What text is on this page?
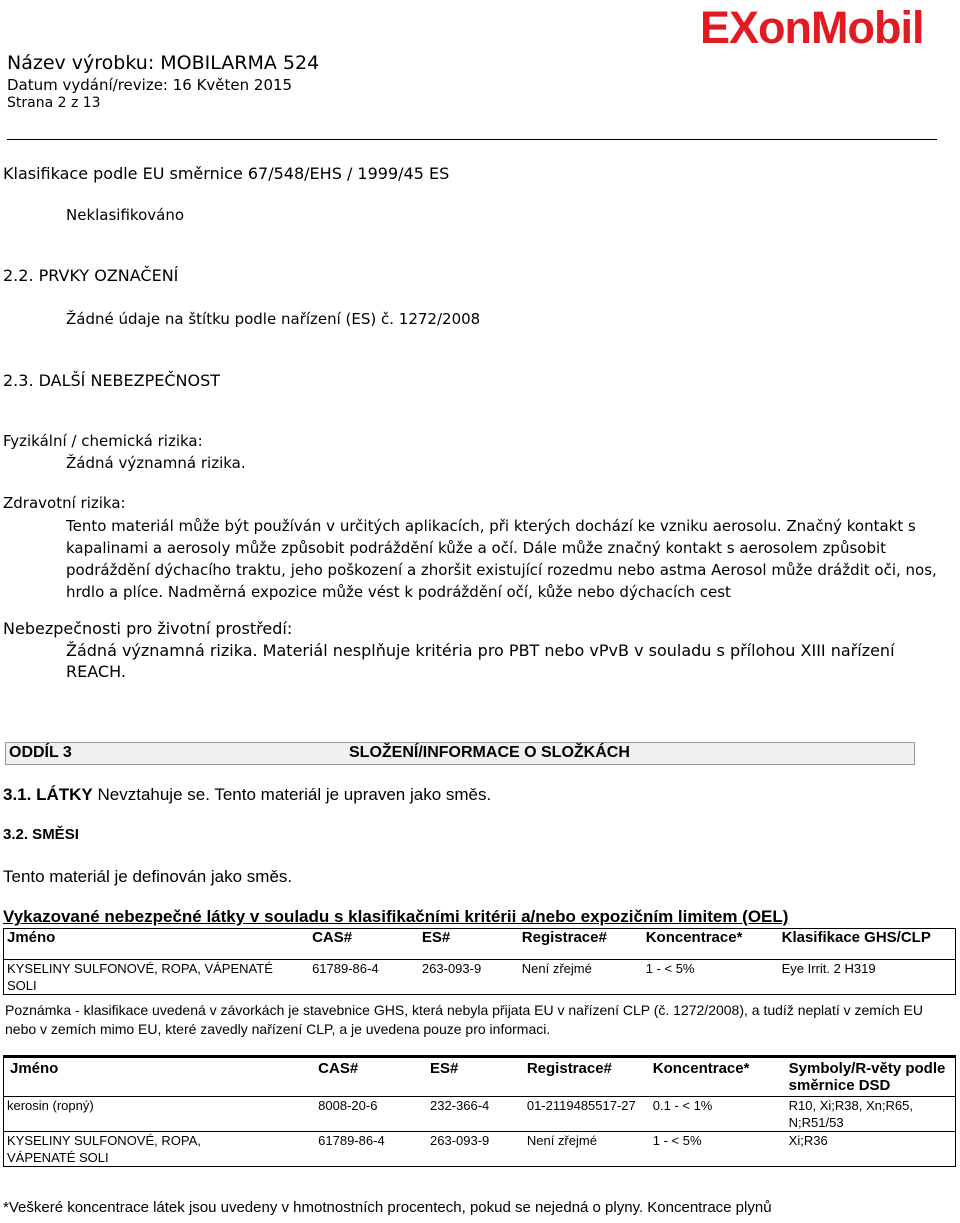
Název výrobku: MOBILARMA 524
Datum vydání/revize: 16 Květen 2015
Strana 2 z 13
EX
onMobil
Klasifikace podle EU směrnice 67/548/EHS / 1999/45 ES
Neklasifikováno
2.2. PRVKY OZNAČENÍ
Žádné údaje na štítku podle nařízení (ES) č. 1272/2008
2.3. DALŠÍ NEBEZPEČNOST
Fyzikální / chemická rizika:
Žádná významná rizika.
Zdravotní rizika:
Tento materiál může být používán v určitých aplikacích, při kterých dochází ke vzniku aerosolu. Značný kontakt s kapalinami a aerosoly může způsobit podráždění kůže a očí. Dále může značný kontakt s aerosolem způsobit podráždění dýchacího traktu, jeho poškození a zhoršit existující rozedmu nebo astma Aerosol může dráždit oči, nos, hrdlo a plíce. Nadměrná expozice může vést k podráždění očí, kůže nebo dýchacích cest
Nebezpečnosti pro životní prostředí:
Žádná významná rizika. Materiál nesplňuje kritéria pro PBT nebo vPvB v souladu s přílohou XIII nařízení REACH.
ODDÍL 3	SLOŽENÍ/INFORMACE O SLOŽKÁCH
3.1. LÁTKY Nevztahuje se. Tento materiál je upraven jako směs.
3.2. SMĚSI
Tento materiál je definován jako směs.
Vykazované nebezpečné látky v souladu s klasifikačními kritérii a/nebo expozičním limitem (OEL)
Jméno	CAS#	ES#	Registrace#	Koncentrace*	Klasifikace GHS/CLP
KYSELINY SULFONOVÉ, ROPA, VÁPENATÉ SOLI	61789-86-4	263-093-9	Není zřejmé	1 - < 5%	Eye Irrit. 2 H319
Poznámka - klasifikace uvedená v závorkách je stavebnice GHS, která nebyla přijata EU v nařízení CLP (č. 1272/2008), a tudíž neplatí v zemích EU nebo v zemích mimo EU, které zavedly nařízení CLP, a je uvedena pouze pro informaci.
Jméno	CAS#	ES#	Registrace#	Koncentrace*	Symboly/R-věty podle směrnice DSD
kerosin (ropný)	8008-20-6	232-366-4	01-2119485517-27	0.1 - < 1%	R10, Xi;R38, Xn;R65, N;R51/53
KYSELINY SULFONOVÉ, ROPA, VÁPENATÉ SOLI	61789-86-4	263-093-9	Není zřejmé	1 - < 5%	Xi;R36
*Veškeré koncentrace látek jsou uvedeny v hmotnostních procentech, pokud se nejedná o plyny. Koncentrace plynů
